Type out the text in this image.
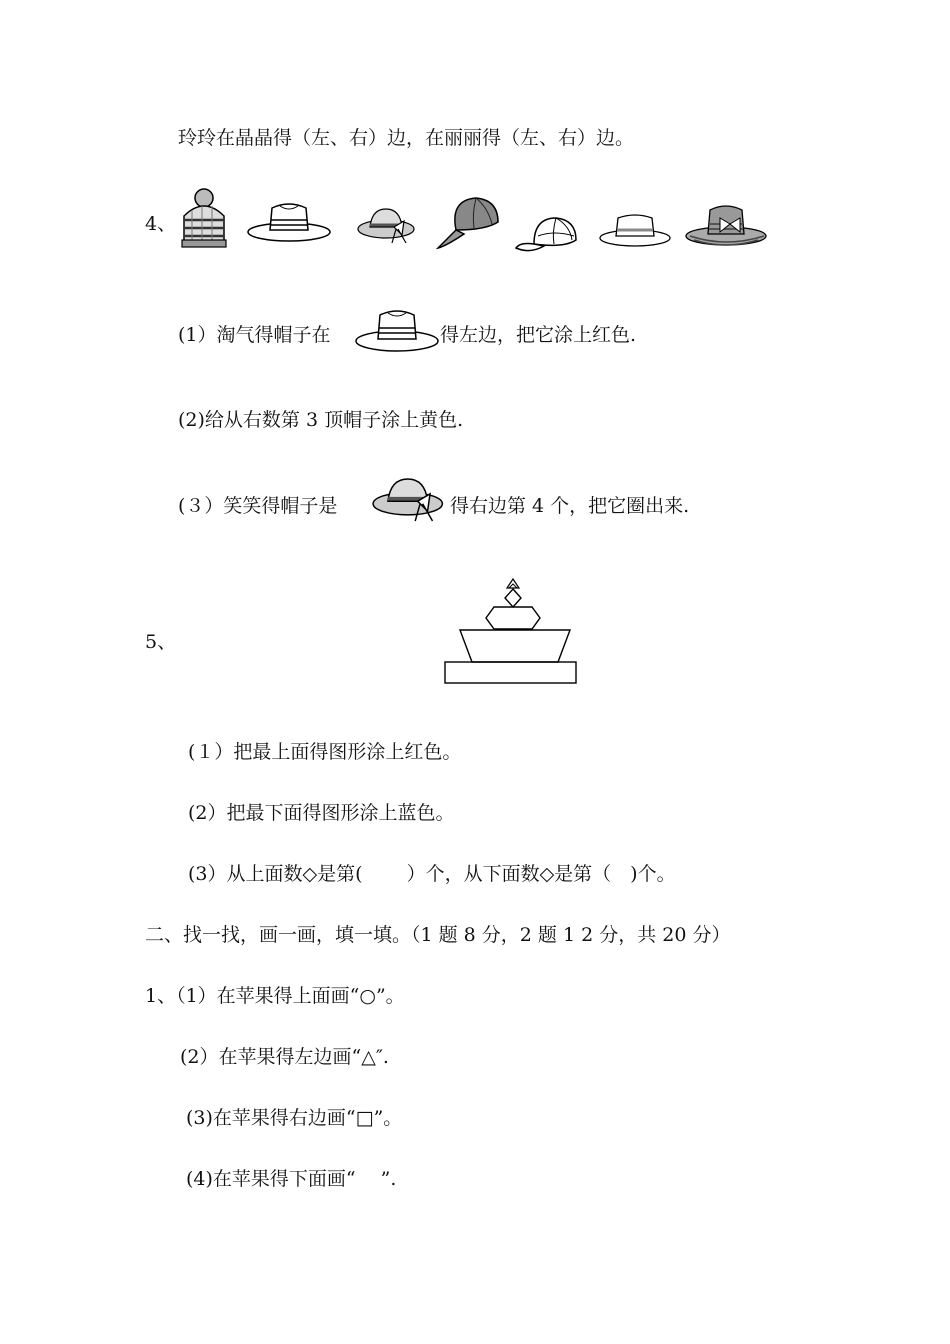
玲玲在晶晶得（左、右）边，在丽丽得（左、右）边。
4、
(1）淘气得帽子在	得左边，把它涂上红色.
(2)给从右数第 3 顶帽子涂上黄色.
(３）笑笑得帽子是	得右边第 4 个，把它圈出来.
5、
(１）把最上面得图形涂上红色。
(2）把最下面得图形涂上蓝色。
(3）从上面数◇是第(　　 ）个，从下面数◇是第（　)个。
二、找一找，画一画，填一填。（1 题 8 分，2 题 1 2 分，共 20 分）
1、（1）在苹果得上面画“○”。
(2）在苹果得左边画“△″.
(3)在苹果得右边画“□”。
(4)在苹果得下面画“　 ”.
